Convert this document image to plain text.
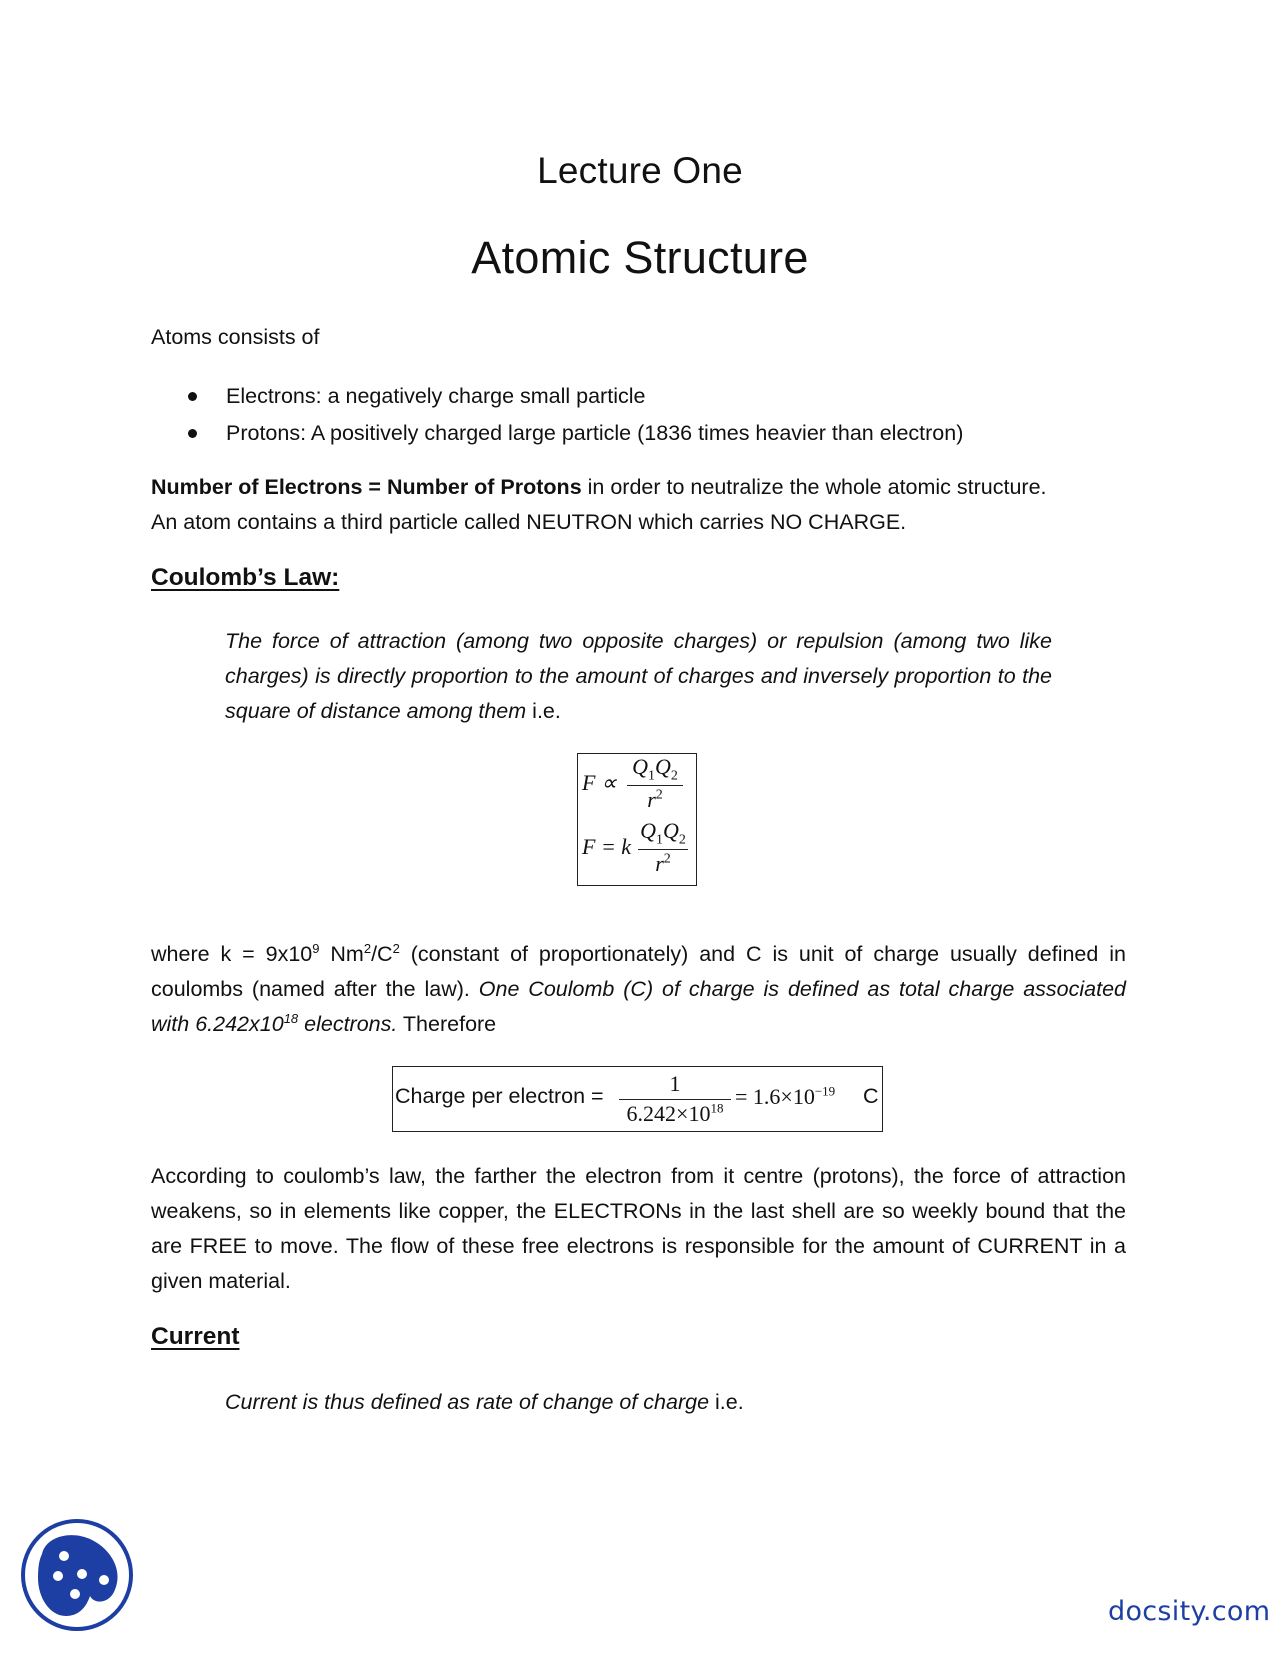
Lecture One
Atomic Structure
Atoms consists of
Electrons: a negatively charge small particle
Protons: A positively charged large particle (1836 times heavier than electron)
Number of Electrons = Number of Protons in order to neutralize the whole atomic structure.
An atom contains a third particle called NEUTRON which carries NO CHARGE.
Coulomb’s Law:
The force of attraction (among two opposite charges) or repulsion (among two like charges) is directly proportion to the amount of charges and inversely proportion to the square of distance among them i.e.
F ∝
$Q_1Q_2$
$r^2$
F = k
$Q_1Q_2$
$r^2$
where $k = 9x10^9$ $Nm^2/C^2$ (constant of proportionately) and C is unit of charge usually defined in coulombs (named after the law). One Coulomb (C) of charge is defined as total charge associated with $6.242x10^{18}$ electrons. Therefore
Charge per electron =	1
$6.242\times 10^{18} = 1.6\times 10^{-19}$ C
According to coulomb’s law, the farther the electron from it centre (protons), the force of attraction weakens, so in elements like copper, the ELECTRONs in the last shell are so weekly bound that the are FREE to move. The flow of these free electrons is responsible for the amount of CURRENT in a given material.
Current
Current is thus defined as rate of change of charge i.e.
docsity.com
